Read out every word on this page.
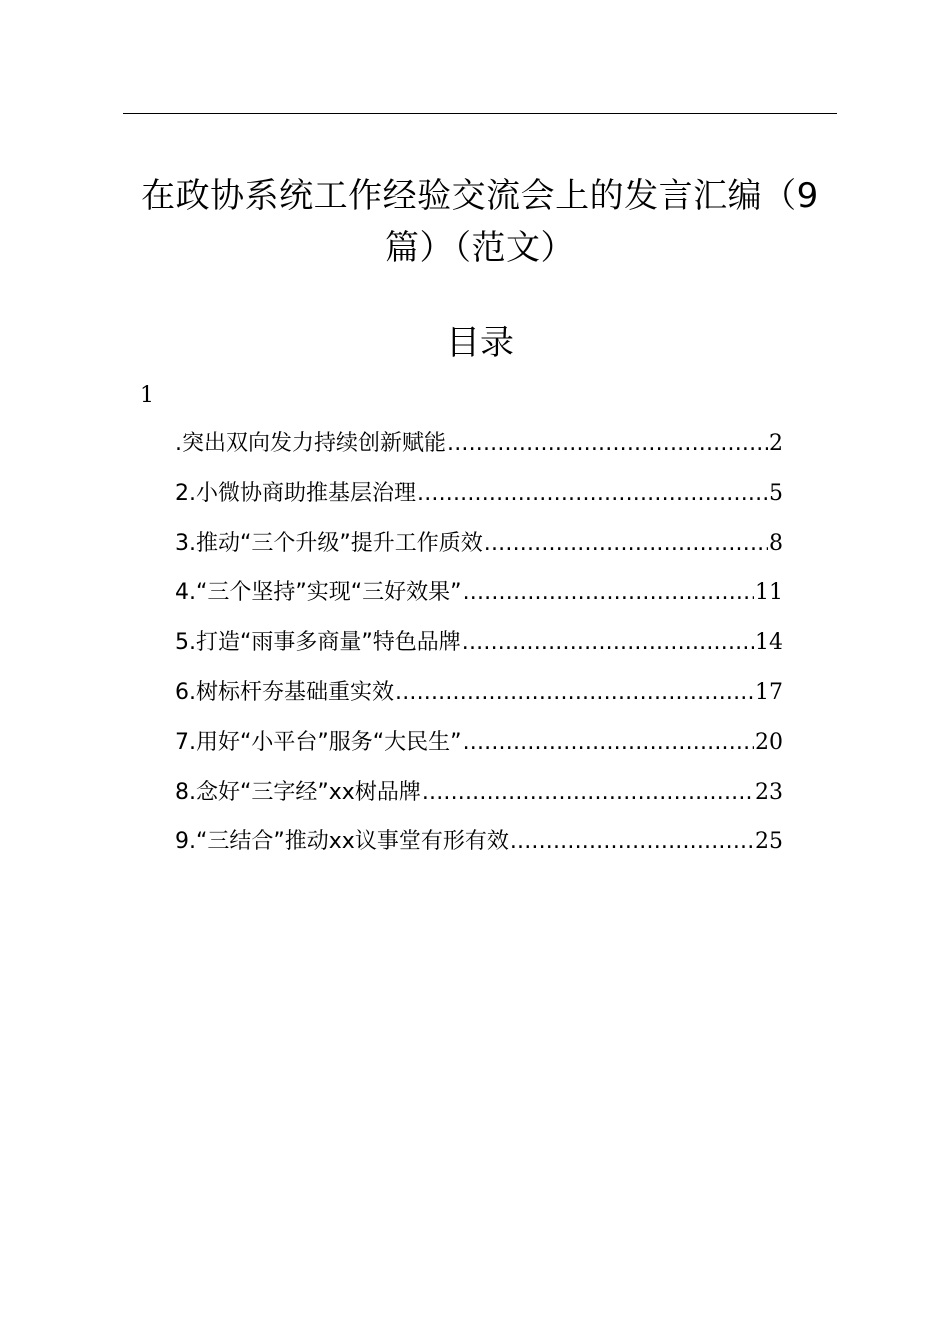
在政协系统工作经验交流会上的发言汇编（9
篇）（范文）
目录
1
.突出双向发力持续创新赋能 .....	2
2.小微协商助推基层治理 .....	5
3.推动“三个升级”提升工作质效 .....	8
4.“三个坚持”实现“三好效果” .....	11
5.打造“雨事多商量”特色品牌 .....	14
6.树标杆夯基础重实效 .....	17
7.用好“小平台”服务“大民生” .....	20
8.念好“三字经”xx树品牌 .....	23
9.“三结合”推动xx议事堂有形有效 .....	25
